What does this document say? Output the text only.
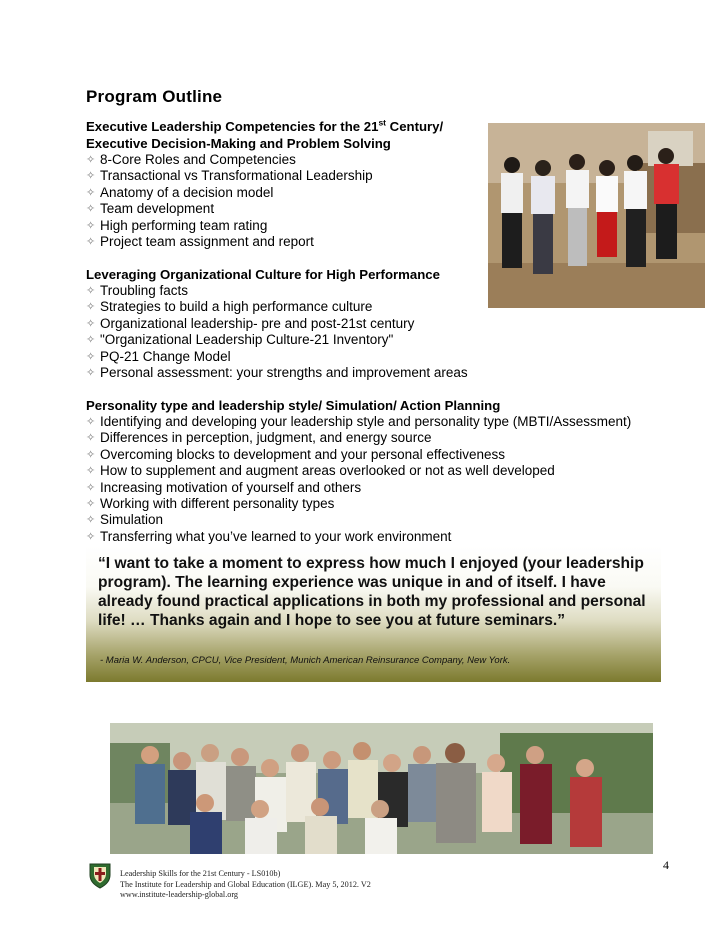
Program Outline
Executive Leadership Competencies for the 21st Century/
Executive Decision-Making and Problem Solving
✧ 8-Core Roles and Competencies
✧ Transactional vs Transformational Leadership
✧ Anatomy of a decision model
✧ Team development
✧ High performing team rating
✧ Project team assignment and report
Leveraging Organizational Culture for High Performance
✧ Troubling facts
✧ Strategies to build a high performance culture
✧ Organizational leadership- pre and post-21st century
✧ "Organizational Leadership Culture-21 Inventory"
✧ PQ-21 Change Model
✧ Personal assessment: your strengths and improvement areas
Personality type and leadership style/ Simulation/ Action Planning
✧ Identifying and developing your leadership style and personality type (MBTI/Assessment)
✧ Differences in perception, judgment, and energy source
✧ Overcoming blocks to development and your personal effectiveness
✧ How to supplement and augment areas overlooked or not as well developed
✧ Increasing motivation of yourself and others
✧ Working with different personality types
✧ Simulation
✧ Transferring what you’ve learned to your work environment
“I want to take a moment to express how much I enjoyed (your leadership program). The learning experience was unique in and of itself. I have already found practical applications in both my professional and personal life! … Thanks again and I hope to see you at future seminars.”
- Maria W. Anderson, CPCU, Vice President, Munich American Reinsurance Company, New York.
4
Leadership Skills for the 21st Century - LS010b)
The Institute for Leadership and Global Education (ILGE). May 5, 2012. V2
www.institute-leadership-global.org
